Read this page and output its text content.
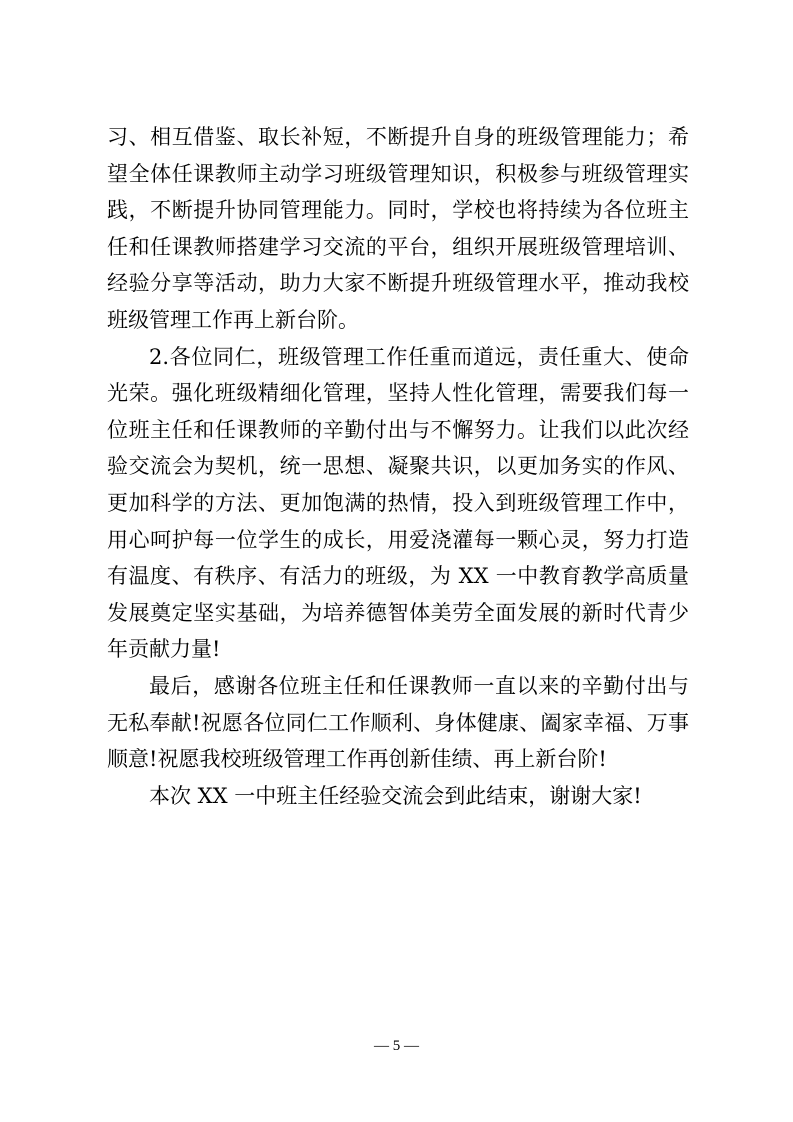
习、相互借鉴、取长补短，不断提升自身的班级管理能力；希
望全体任课教师主动学习班级管理知识，积极参与班级管理实
践，不断提升协同管理能力。同时，学校也将持续为各位班主
任和任课教师搭建学习交流的平台，组织开展班级管理培训、
经验分享等活动，助力大家不断提升班级管理水平，推动我校
班级管理工作再上新台阶。

2.各位同仁，班级管理工作任重而道远，责任重大、使命
光荣。强化班级精细化管理，坚持人性化管理，需要我们每一
位班主任和任课教师的辛勤付出与不懈努力。让我们以此次经
验交流会为契机，统一思想、凝聚共识，以更加务实的作风、
更加科学的方法、更加饱满的热情，投入到班级管理工作中，
用心呵护每一位学生的成长，用爱浇灌每一颗心灵，努力打造
有温度、有秩序、有活力的班级，为 XX 一中教育教学高质量
发展奠定坚实基础，为培养德智体美劳全面发展的新时代青少
年贡献力量!

最后，感谢各位班主任和任课教师一直以来的辛勤付出与
无私奉献!祝愿各位同仁工作顺利、身体健康、阖家幸福、万事
顺意!祝愿我校班级管理工作再创新佳绩、再上新台阶!

本次 XX 一中班主任经验交流会到此结束，谢谢大家!

— 5 —
